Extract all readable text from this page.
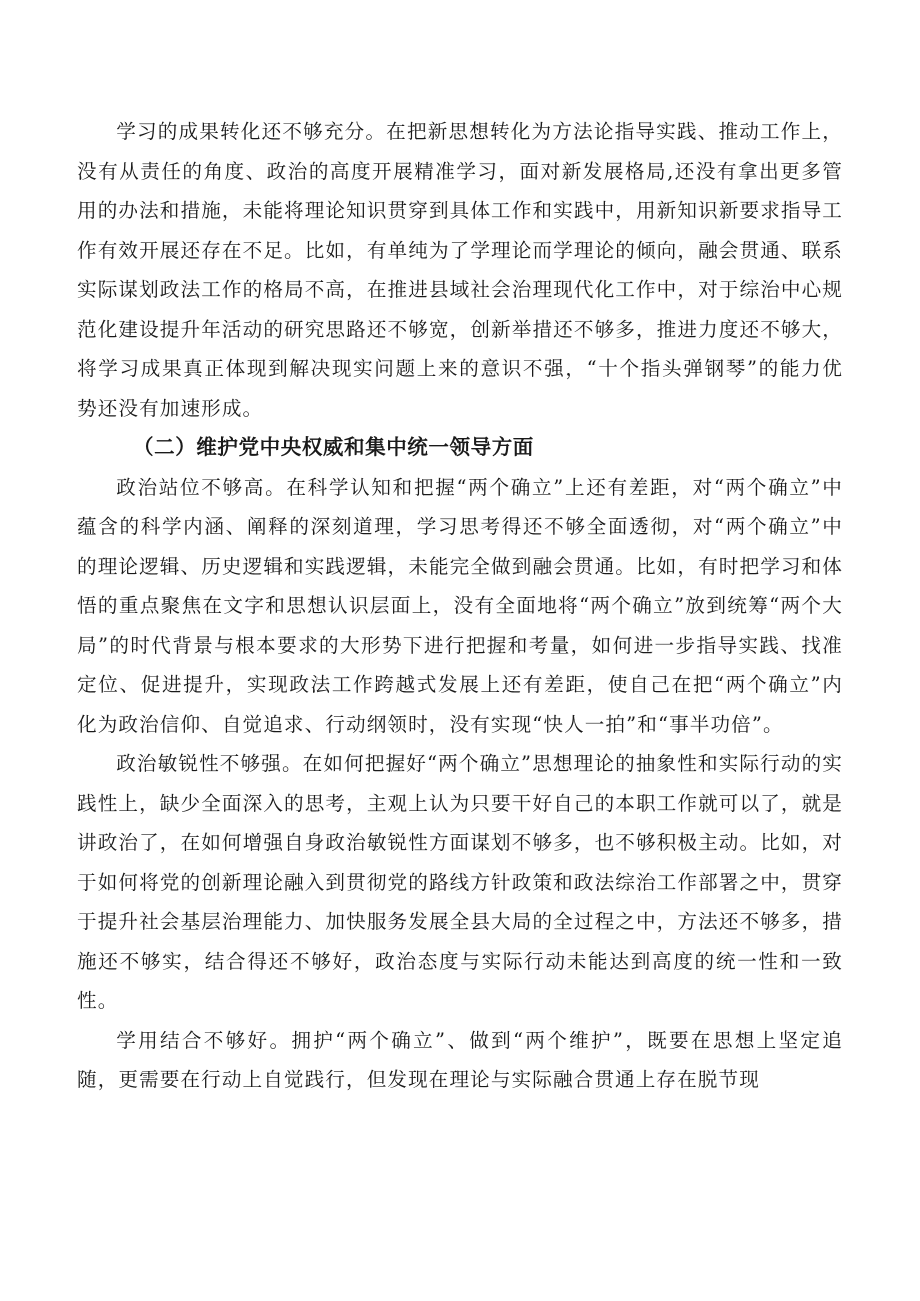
学习的成果转化还不够充分。在把新思想转化为方法论指导实践、推动工作上，没有从责任的角度、政治的高度开展精准学习，面对新发展格局,还没有拿出更多管用的办法和措施，未能将理论知识贯穿到具体工作和实践中，用新知识新要求指导工作有效开展还存在不足。比如，有单纯为了学理论而学理论的倾向，融会贯通、联系实际谋划政法工作的格局不高，在推进县域社会治理现代化工作中，对于综治中心规范化建设提升年活动的研究思路还不够宽，创新举措还不够多，推进力度还不够大，将学习成果真正体现到解决现实问题上来的意识不强，“十个指头弹钢琴”的能力优势还没有加速形成。

（二）维护党中央权威和集中统一领导方面

政治站位不够高。在科学认知和把握“两个确立”上还有差距，对“两个确立”中蕴含的科学内涵、阐释的深刻道理，学习思考得还不够全面透彻，对“两个确立”中的理论逻辑、历史逻辑和实践逻辑，未能完全做到融会贯通。比如，有时把学习和体悟的重点聚焦在文字和思想认识层面上，没有全面地将“两个确立”放到统筹“两个大局”的时代背景与根本要求的大形势下进行把握和考量，如何进一步指导实践、找准定位、促进提升，实现政法工作跨越式发展上还有差距，使自己在把“两个确立”内化为政治信仰、自觉追求、行动纲领时，没有实现“快人一拍”和“事半功倍”。

政治敏锐性不够强。在如何把握好“两个确立”思想理论的抽象性和实际行动的实践性上，缺少全面深入的思考，主观上认为只要干好自己的本职工作就可以了，就是讲政治了，在如何增强自身政治敏锐性方面谋划不够多，也不够积极主动。比如，对于如何将党的创新理论融入到贯彻党的路线方针政策和政法综治工作部署之中，贯穿于提升社会基层治理能力、加快服务发展全县大局的全过程之中，方法还不够多，措施还不够实，结合得还不够好，政治态度与实际行动未能达到高度的统一性和一致性。

学用结合不够好。拥护“两个确立”、做到“两个维护”，既要在思想上坚定追随，更需要在行动上自觉践行，但发现在理论与实际融合贯通上存在脱节现
